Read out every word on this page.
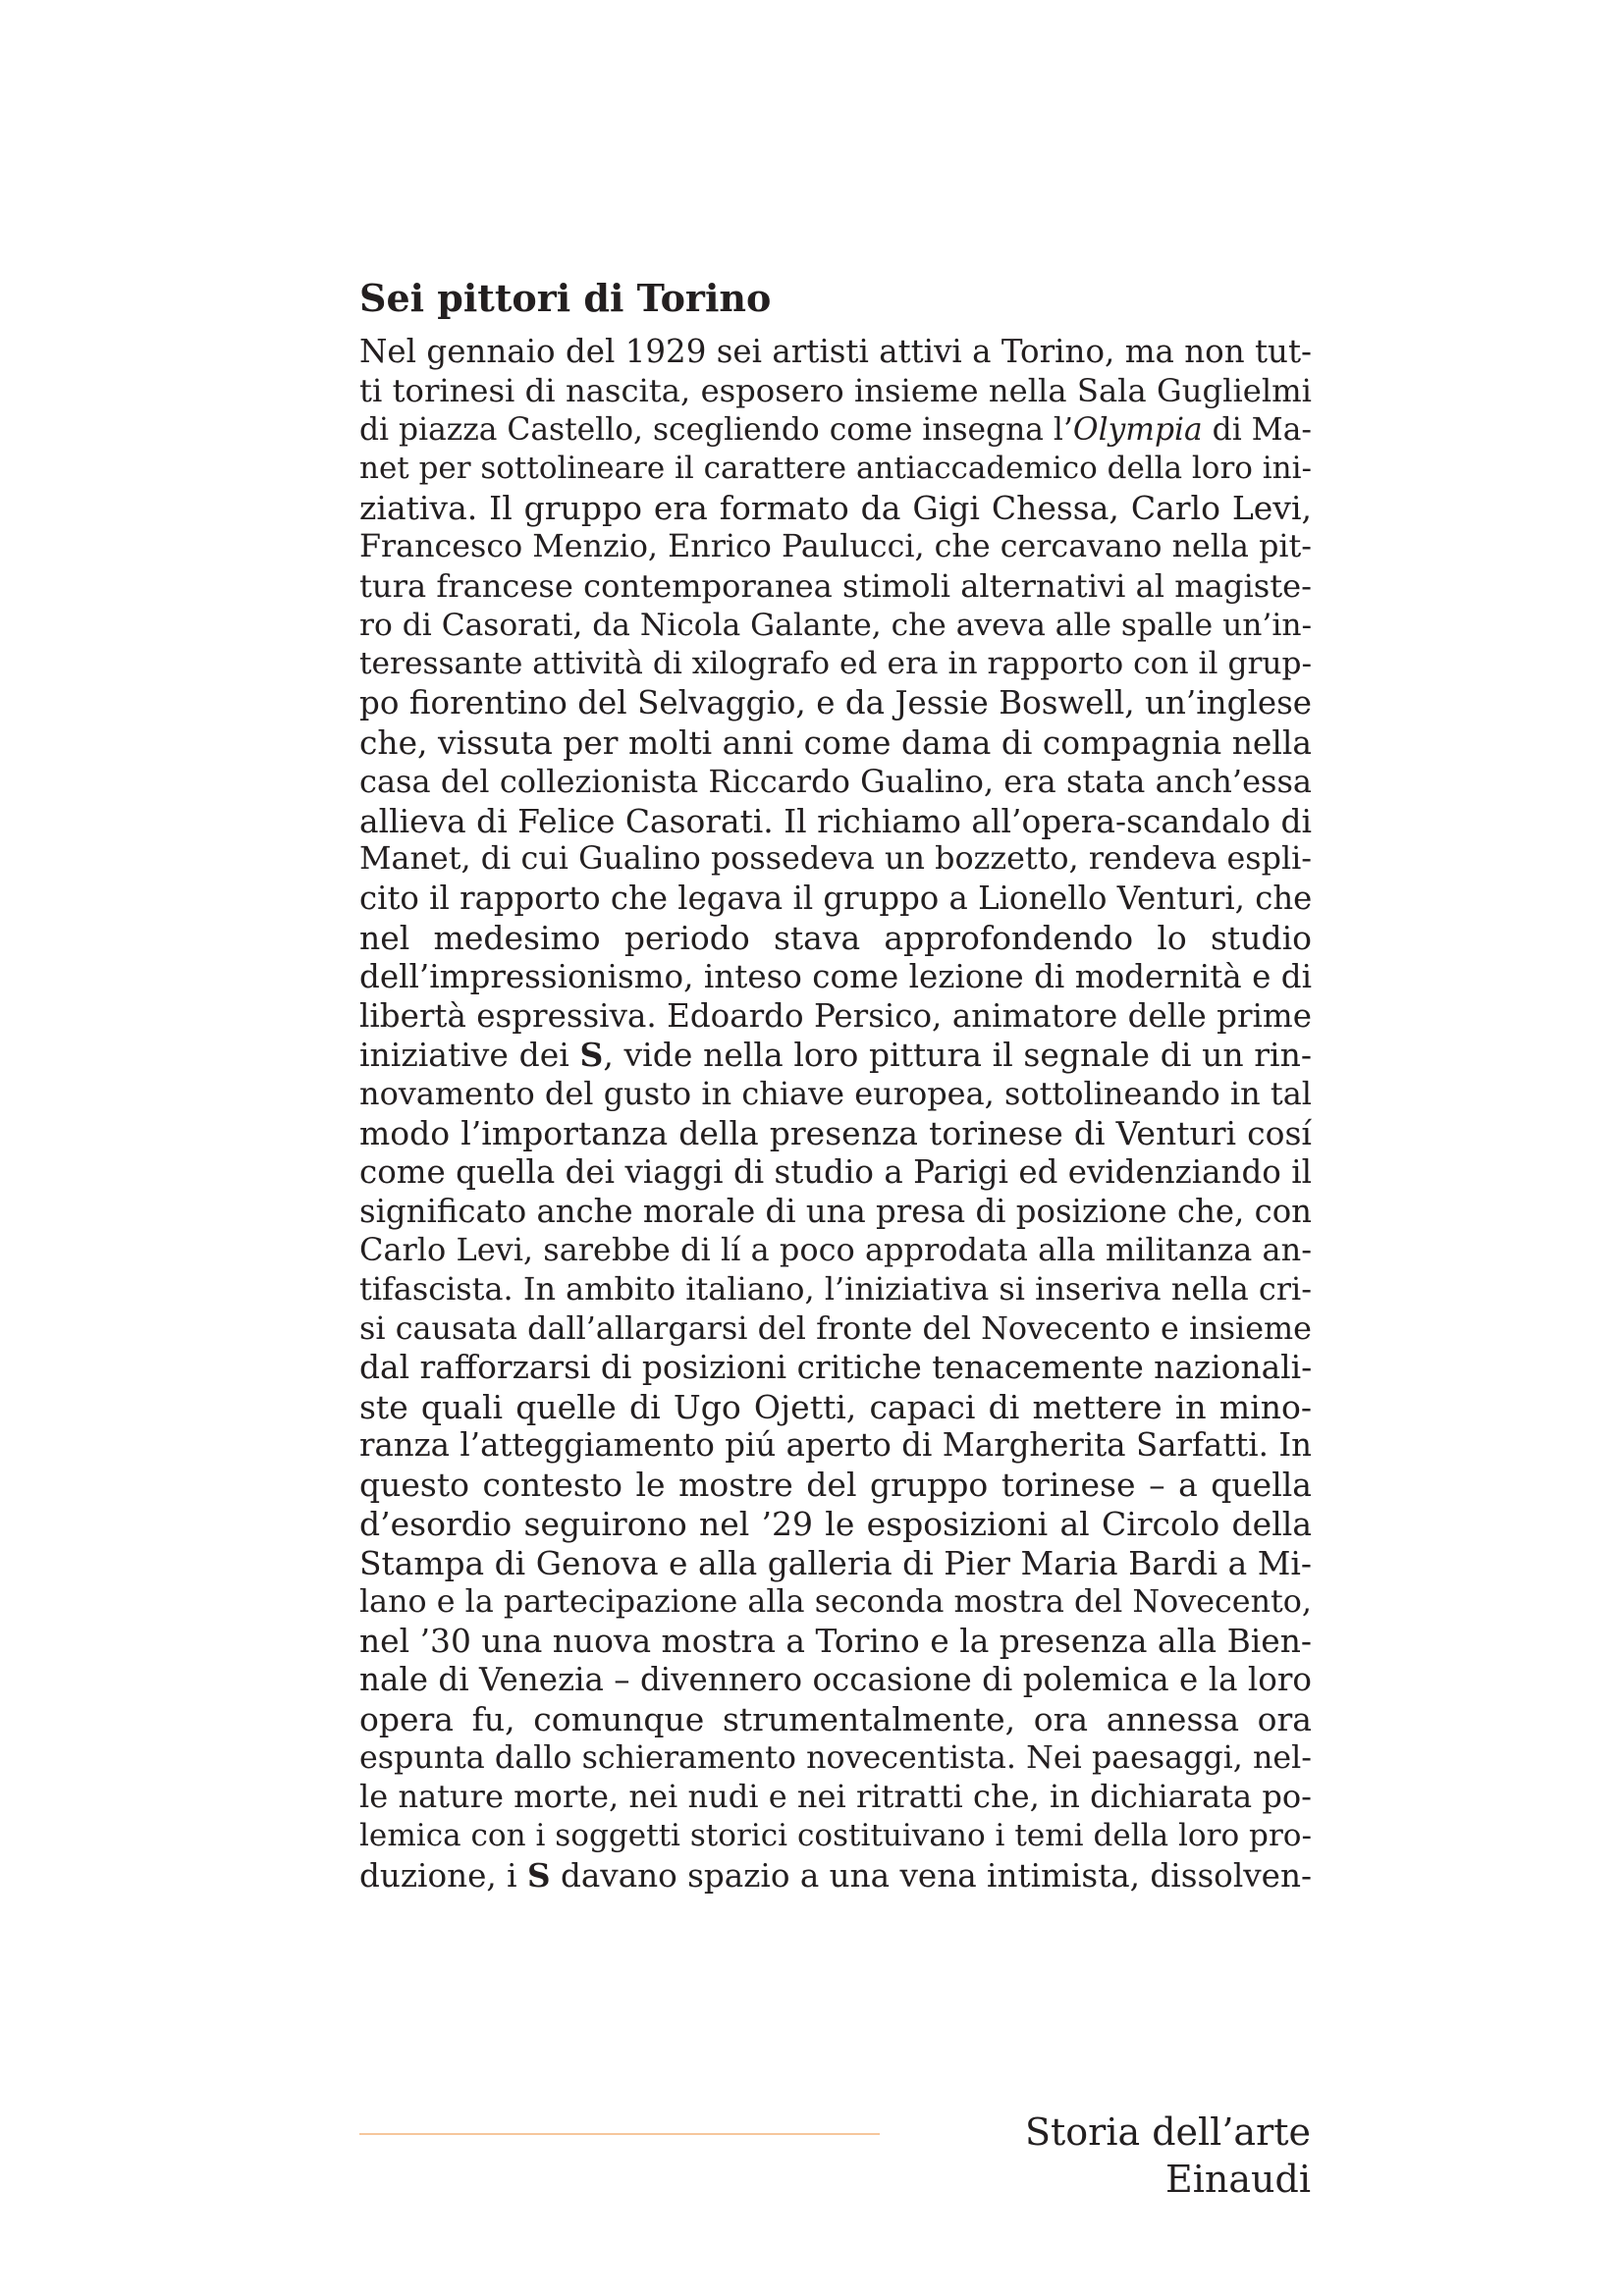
Sei pittori di Torino
Nel gennaio del 1929 sei artisti attivi a Torino, ma non tut-
ti torinesi di nascita, esposero insieme nella Sala Guglielmi
di piazza Castello, scegliendo come insegna l’Olympia di Ma-
net per sottolineare il carattere antiaccademico della loro ini-
ziativa. Il gruppo era formato da Gigi Chessa, Carlo Levi,
Francesco Menzio, Enrico Paulucci, che cercavano nella pit-
tura francese contemporanea stimoli alternativi al magiste-
ro di Casorati, da Nicola Galante, che aveva alle spalle un’in-
teressante attività di xilografo ed era in rapporto con il grup-
po fiorentino del Selvaggio, e da Jessie Boswell, un’inglese
che, vissuta per molti anni come dama di compagnia nella
casa del collezionista Riccardo Gualino, era stata anch’essa
allieva di Felice Casorati. Il richiamo all’opera-scandalo di
Manet, di cui Gualino possedeva un bozzetto, rendeva espli-
cito il rapporto che legava il gruppo a Lionello Venturi, che
nel medesimo periodo stava approfondendo lo studio
dell’impressionismo, inteso come lezione di modernità e di
libertà espressiva. Edoardo Persico, animatore delle prime
iniziative dei S, vide nella loro pittura il segnale di un rin-
novamento del gusto in chiave europea, sottolineando in tal
modo l’importanza della presenza torinese di Venturi cosí
come quella dei viaggi di studio a Parigi ed evidenziando il
significato anche morale di una presa di posizione che, con
Carlo Levi, sarebbe di lí a poco approdata alla militanza an-
tifascista. In ambito italiano, l’iniziativa si inseriva nella cri-
si causata dall’allargarsi del fronte del Novecento e insieme
dal rafforzarsi di posizioni critiche tenacemente nazionali-
ste quali quelle di Ugo Ojetti, capaci di mettere in mino-
ranza l’atteggiamento piú aperto di Margherita Sarfatti. In
questo contesto le mostre del gruppo torinese – a quella
d’esordio seguirono nel ’29 le esposizioni al Circolo della
Stampa di Genova e alla galleria di Pier Maria Bardi a Mi-
lano e la partecipazione alla seconda mostra del Novecento,
nel ’30 una nuova mostra a Torino e la presenza alla Bien-
nale di Venezia – divennero occasione di polemica e la loro
opera fu, comunque strumentalmente, ora annessa ora
espunta dallo schieramento novecentista. Nei paesaggi, nel-
le nature morte, nei nudi e nei ritratti che, in dichiarata po-
lemica con i soggetti storici costituivano i temi della loro pro-
duzione, i S davano spazio a una vena intimista, dissolven-
Storia dell’arte Einaudi
